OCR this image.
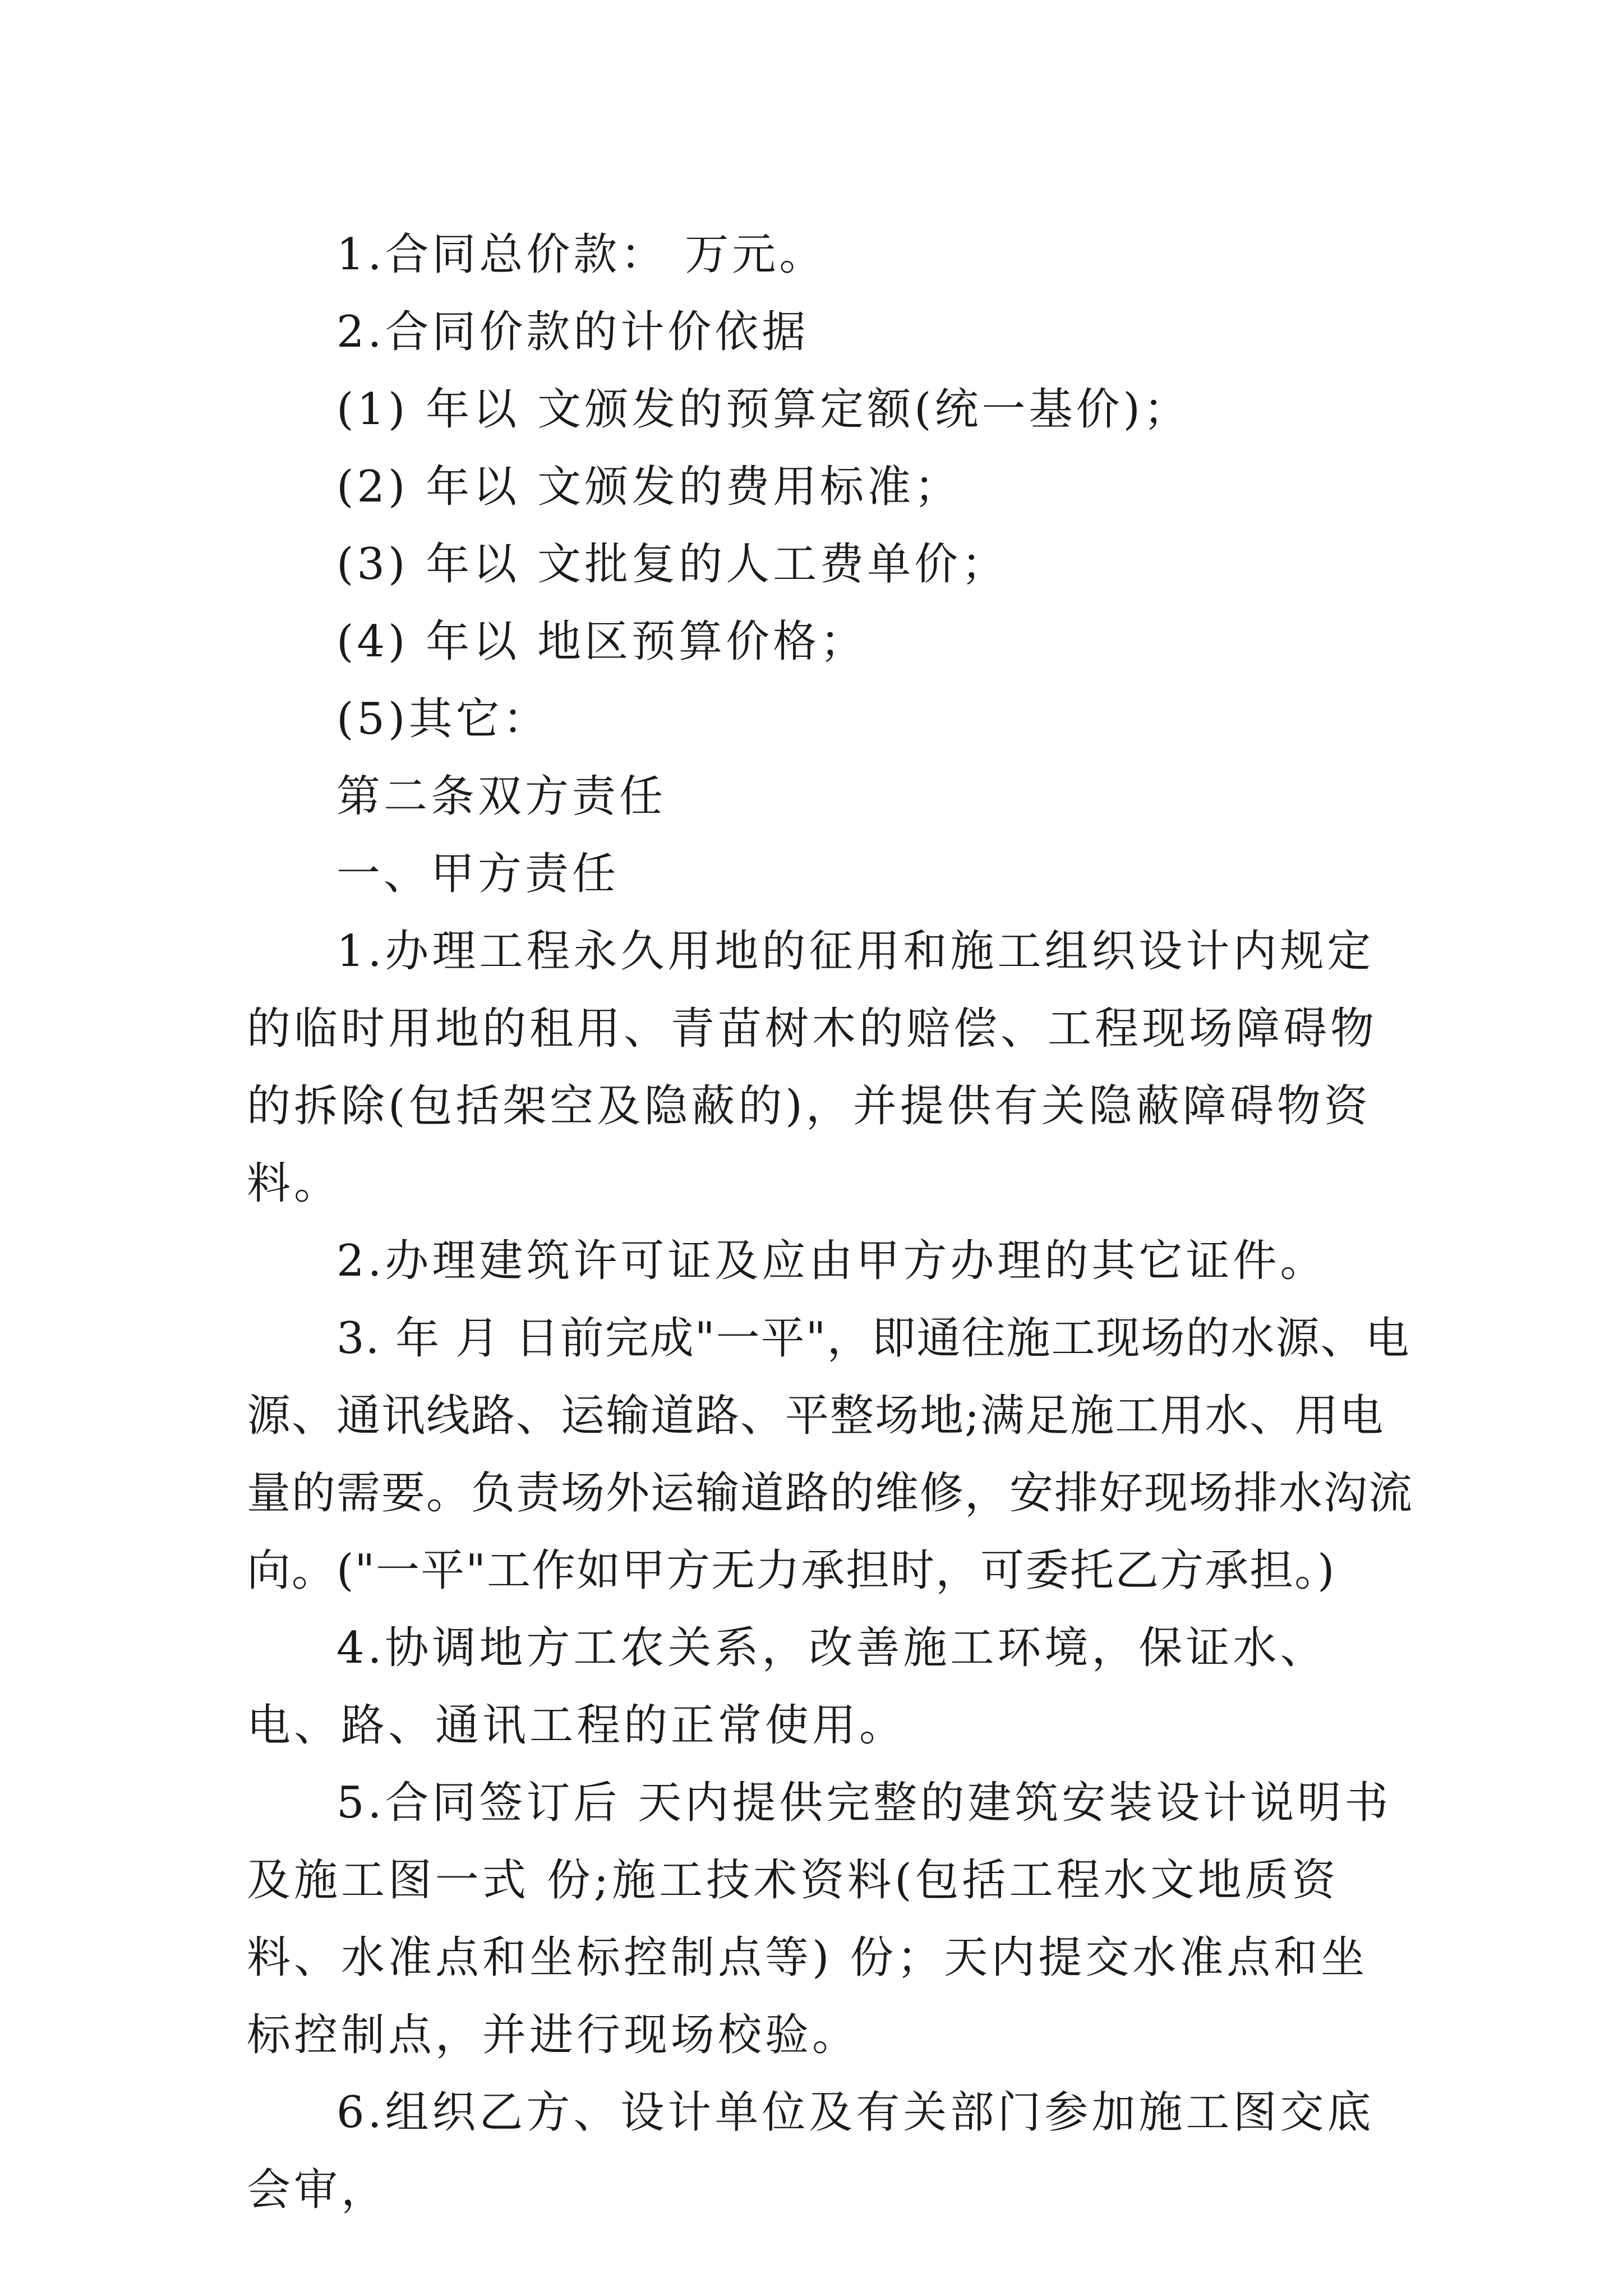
1.合同总价款： 万元。

2.合同价款的计价依据

(1) 年以 文颁发的预算定额(统一基价)；

(2) 年以 文颁发的费用标准；

(3) 年以 文批复的人工费单价；

(4) 年以 地区预算价格；

(5)其它：

第二条双方责任

一、甲方责任

1.办理工程永久用地的征用和施工组织设计内规定的临时用地的租用、青苗树木的赔偿、工程现场障碍物的拆除(包括架空及隐蔽的)，并提供有关隐蔽障碍物资料。

2.办理建筑许可证及应由甲方办理的其它证件。

3. 年 月 日前完成"一平"，即通往施工现场的水源、电源、通讯线路、运输道路、平整场地;满足施工用水、用电量的需要。负责场外运输道路的维修，安排好现场排水沟流向。("一平"工作如甲方无力承担时，可委托乙方承担。)

4.协调地方工农关系，改善施工环境，保证水、电、路、通讯工程的正常使用。

5.合同签订后 天内提供完整的建筑安装设计说明书及施工图一式 份;施工技术资料(包括工程水文地质资料、水准点和坐标控制点等) 份；天内提交水准点和坐标控制点，并进行现场校验。

6.组织乙方、设计单位及有关部门参加施工图交底会审，
